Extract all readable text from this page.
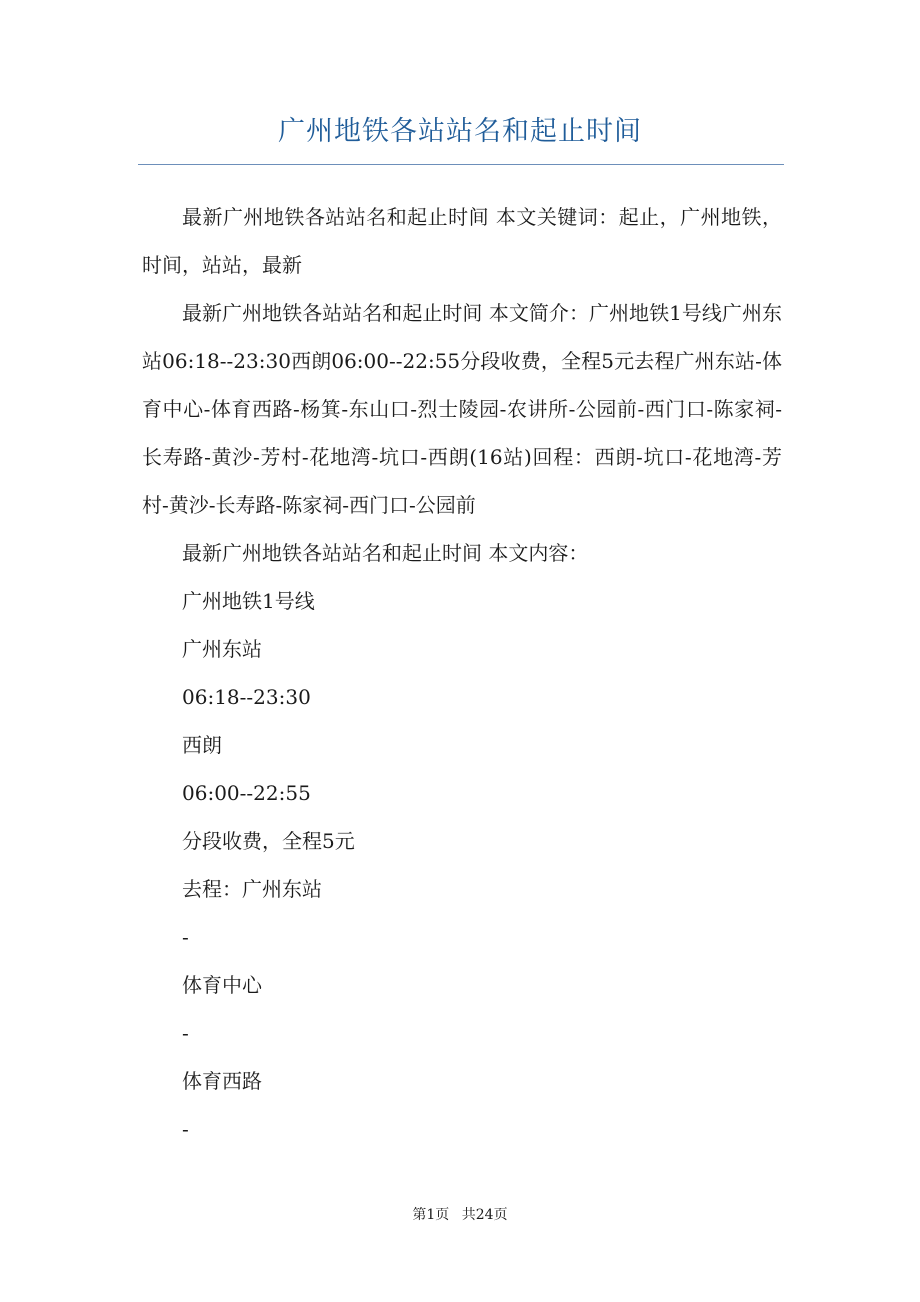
广州地铁各站站名和起止时间

最新广州地铁各站站名和起止时间 本文关键词：起止，广州地铁，时间，站站，最新

最新广州地铁各站站名和起止时间 本文简介：广州地铁1号线广州东站06:18--23:30西朗06:00--22:55分段收费，全程5元去程广州东站-体育中心-体育西路-杨箕-东山口-烈士陵园-农讲所-公园前-西门口-陈家祠-长寿路-黄沙-芳村-花地湾-坑口-西朗(16站)回程：西朗-坑口-花地湾-芳村-黄沙-长寿路-陈家祠-西门口-公园前

最新广州地铁各站站名和起止时间 本文内容：

广州地铁1号线

广州东站

06:18--23:30

西朗

06:00--22:55

分段收费，全程5元

去程：广州东站

-

体育中心

-

体育西路

-

第1页 共24页
